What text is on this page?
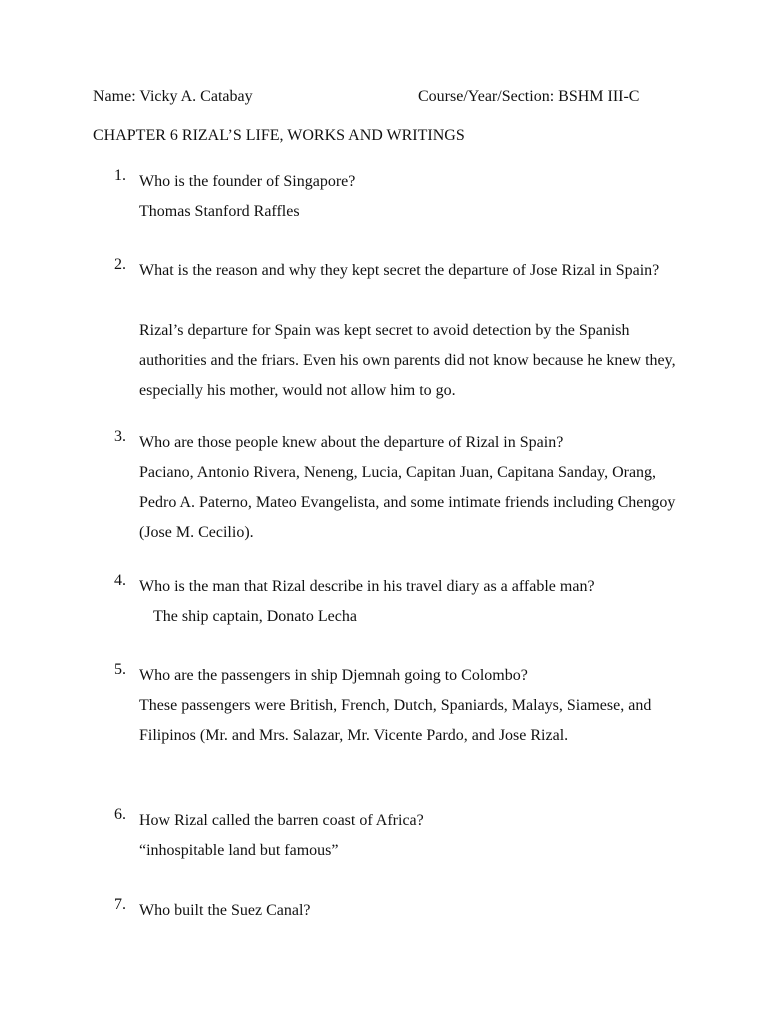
Name: Vicky A. Catabay	Course/Year/Section: BSHM III-C
CHAPTER 6 RIZAL’S LIFE, WORKS AND WRITINGS
1. Who is the founder of Singapore?
Thomas Stanford Raffles
2. What is the reason and why they kept secret the departure of Jose Rizal in Spain?
Rizal’s departure for Spain was kept secret to avoid detection by the Spanish authorities and the friars. Even his own parents did not know because he knew they, especially his mother, would not allow him to go.
3. Who are those people knew about the departure of Rizal in Spain?
Paciano, Antonio Rivera, Neneng, Lucia, Capitan Juan, Capitana Sanday, Orang, Pedro A. Paterno, Mateo Evangelista, and some intimate friends including Chengoy (Jose M. Cecilio).
4. Who is the man that Rizal describe in his travel diary as a affable man?
The ship captain, Donato Lecha
5. Who are the passengers in ship Djemnah going to Colombo?
These passengers were British, French, Dutch, Spaniards, Malays, Siamese, and Filipinos (Mr. and Mrs. Salazar, Mr. Vicente Pardo, and Jose Rizal.
6. How Rizal called the barren coast of Africa?
“inhospitable land but famous”
7. Who built the Suez Canal?
